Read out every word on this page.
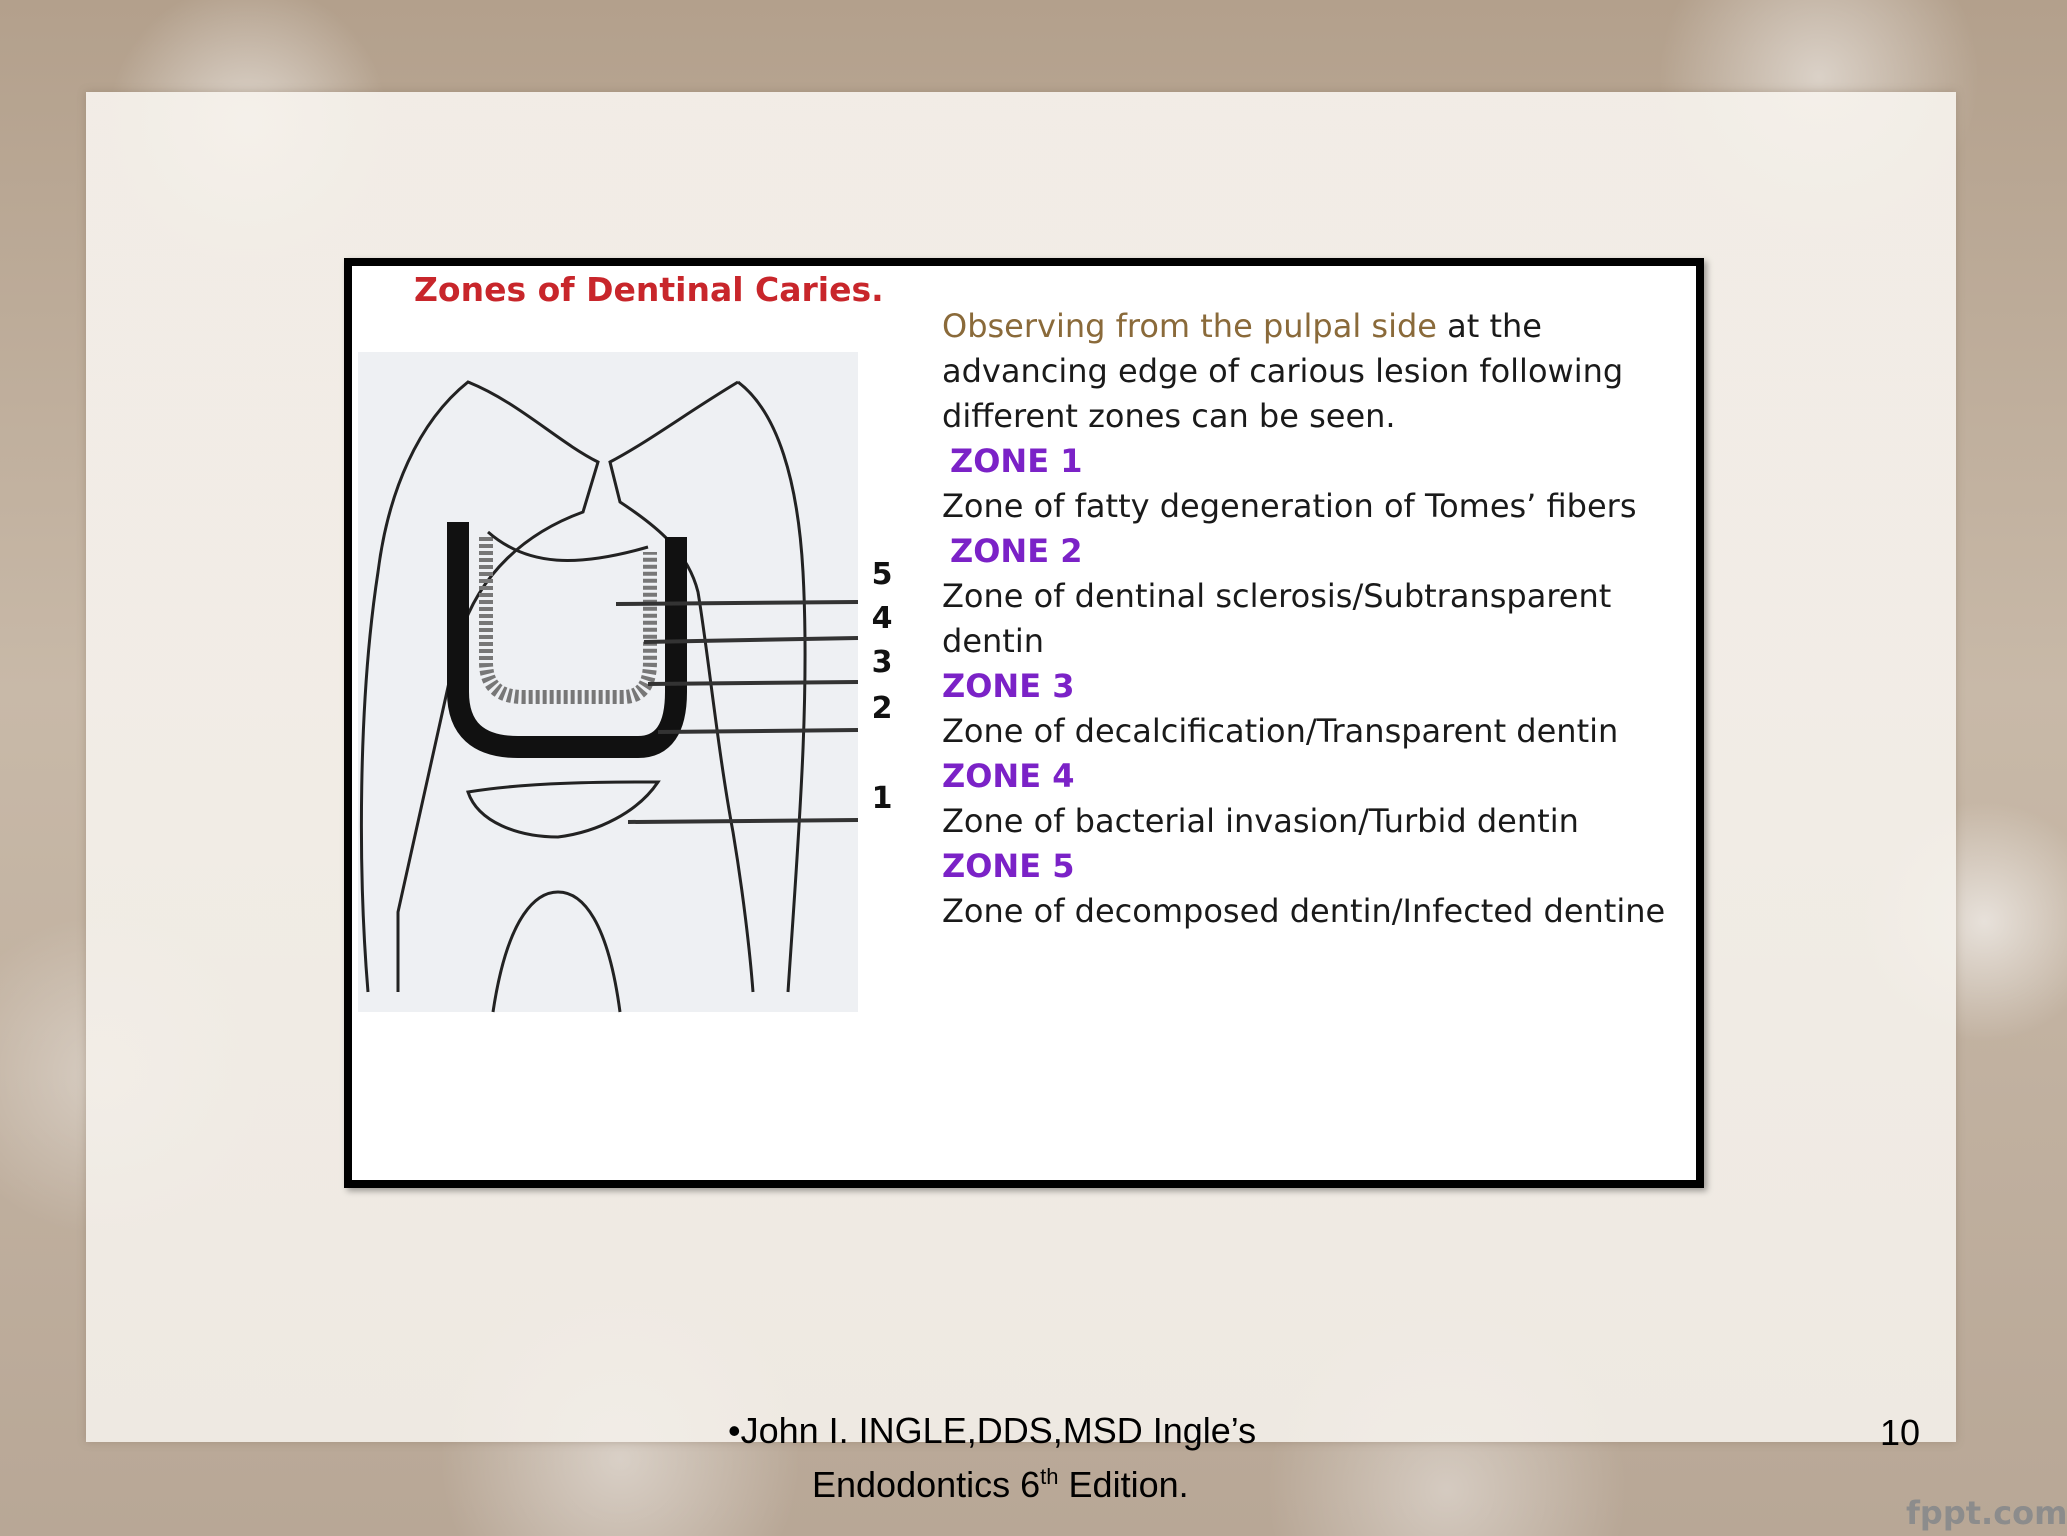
Zones of Dentinal Caries.
5
4
3
2
1

Observing from the pulpal side at the advancing edge of carious lesion following different zones can be seen.

ZONE 1

Zone of fatty degeneration of Tomes’ fibers

ZONE 2

Zone of dentinal sclerosis/Subtransparent dentin

ZONE 3

Zone of decalcification/Transparent dentin

ZONE 4

Zone of bacterial invasion/Turbid dentin

ZONE 5

Zone of decomposed dentin/Infected dentine

•John I. INGLE,DDS,MSD Ingle’s
Endodontics 6th Edition.
10
fppt.com
